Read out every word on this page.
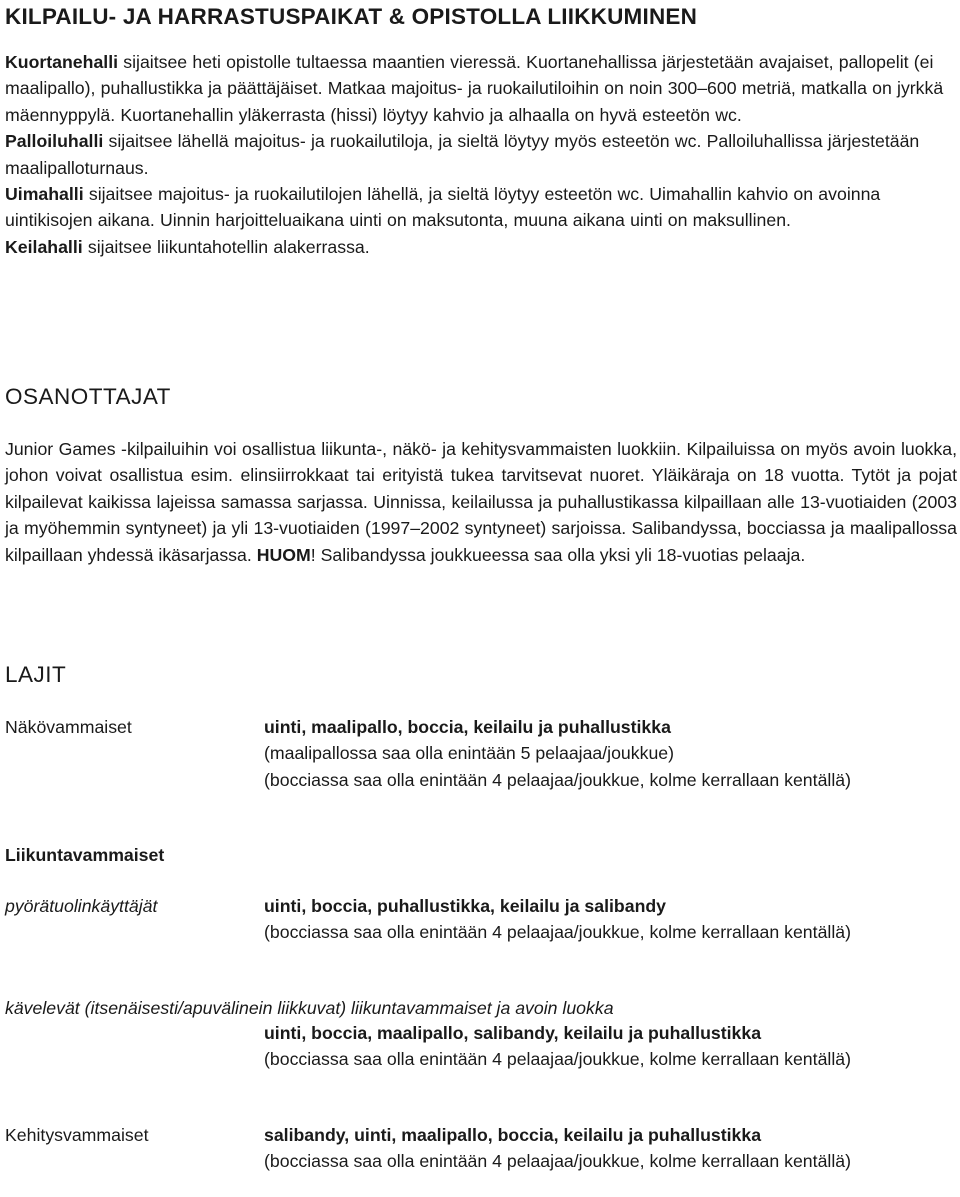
KILPAILU- JA HARRASTUSPAIKAT & OPISTOLLA LIIKKUMINEN

Kuortanehalli sijaitsee heti opistolle tultaessa maantien vieressä. Kuortanehallissa järjestetään avajaiset, pallopelit (ei maalipallo), puhallustikka ja päättäjäiset. Matkaa majoitus- ja ruokailutiloihin on noin 300–600 metriä, matkalla on jyrkkä mäennyppylä. Kuortanehallin yläkerrasta (hissi) löytyy kahvio ja alhaalla on hyvä esteetön wc.

Palloiluhalli sijaitsee lähellä majoitus- ja ruokailutiloja, ja sieltä löytyy myös esteetön wc. Palloiluhallissa järjestetään maalipalloturnaus.

Uimahalli sijaitsee majoitus- ja ruokailutilojen lähellä, ja sieltä löytyy esteetön wc. Uimahallin kahvio on avoinna uintikisojen aikana. Uinnin harjoitteluaikana uinti on maksutonta, muuna aikana uinti on maksullinen.

Keilahalli sijaitsee liikuntahotellin alakerrassa.

OSANOTTAJAT
Junior Games -kilpailuihin voi osallistua liikunta-, näkö- ja kehitysvammaisten luokkiin. Kilpailuissa on myös avoin luokka, johon voivat osallistua esim. elinsiirrokkaat tai erityistä tukea tarvitsevat nuoret. Yläikäraja on 18 vuotta. Tytöt ja pojat kilpailevat kaikissa lajeissa samassa sarjassa. Uinnissa, keilailussa ja puhallustikassa kilpaillaan alle 13-vuotiaiden (2003 ja myöhemmin syntyneet) ja yli 13-vuotiaiden (1997–2002 syntyneet) sarjoissa. Salibandyssa, bocciassa ja maalipallossa kilpaillaan yhdessä ikäsarjassa. HUOM! Salibandyssa joukkueessa saa olla yksi yli 18-vuotias pelaaja.
LAJIT
Näkövammaiset	uinti, maalipallo, boccia, keilailu ja puhallustikka
(maalipallossa saa olla enintään 5 pelaajaa/joukkue)
(bocciassa saa olla enintään 4 pelaajaa/joukkue, kolme kerrallaan kentällä)
Liikuntavammaiset
pyörätuolinkäyttäjät	uinti, boccia, puhallustikka, keilailu ja salibandy
(bocciassa saa olla enintään 4 pelaajaa/joukkue, kolme kerrallaan kentällä)
kävelevät (itsenäisesti/apuvälinein liikkuvat) liikuntavammaiset ja avoin luokka
uinti, boccia, maalipallo, salibandy, keilailu ja puhallustikka
(bocciassa saa olla enintään 4 pelaajaa/joukkue, kolme kerrallaan kentällä)
Kehitysvammaiset	salibandy, uinti, maalipallo, boccia, keilailu ja puhallustikka
(bocciassa saa olla enintään 4 pelaajaa/joukkue, kolme kerrallaan kentällä)
